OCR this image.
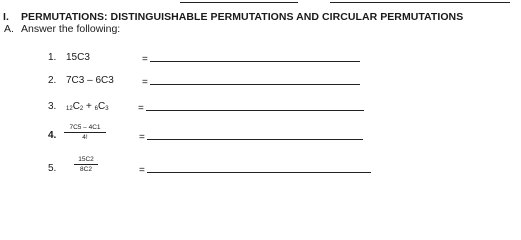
I. PERMUTATIONS: DISTINGUISHABLE PERMUTATIONS AND CIRCULAR PERMUTATIONS
A. Answer the following:
1. 15C3	=
2. 7C3 – 6C3	=
3.	12C2 + 6C3	=
4.
7C5 – 4C1
4!	=
5.
15C2
8C2	=
